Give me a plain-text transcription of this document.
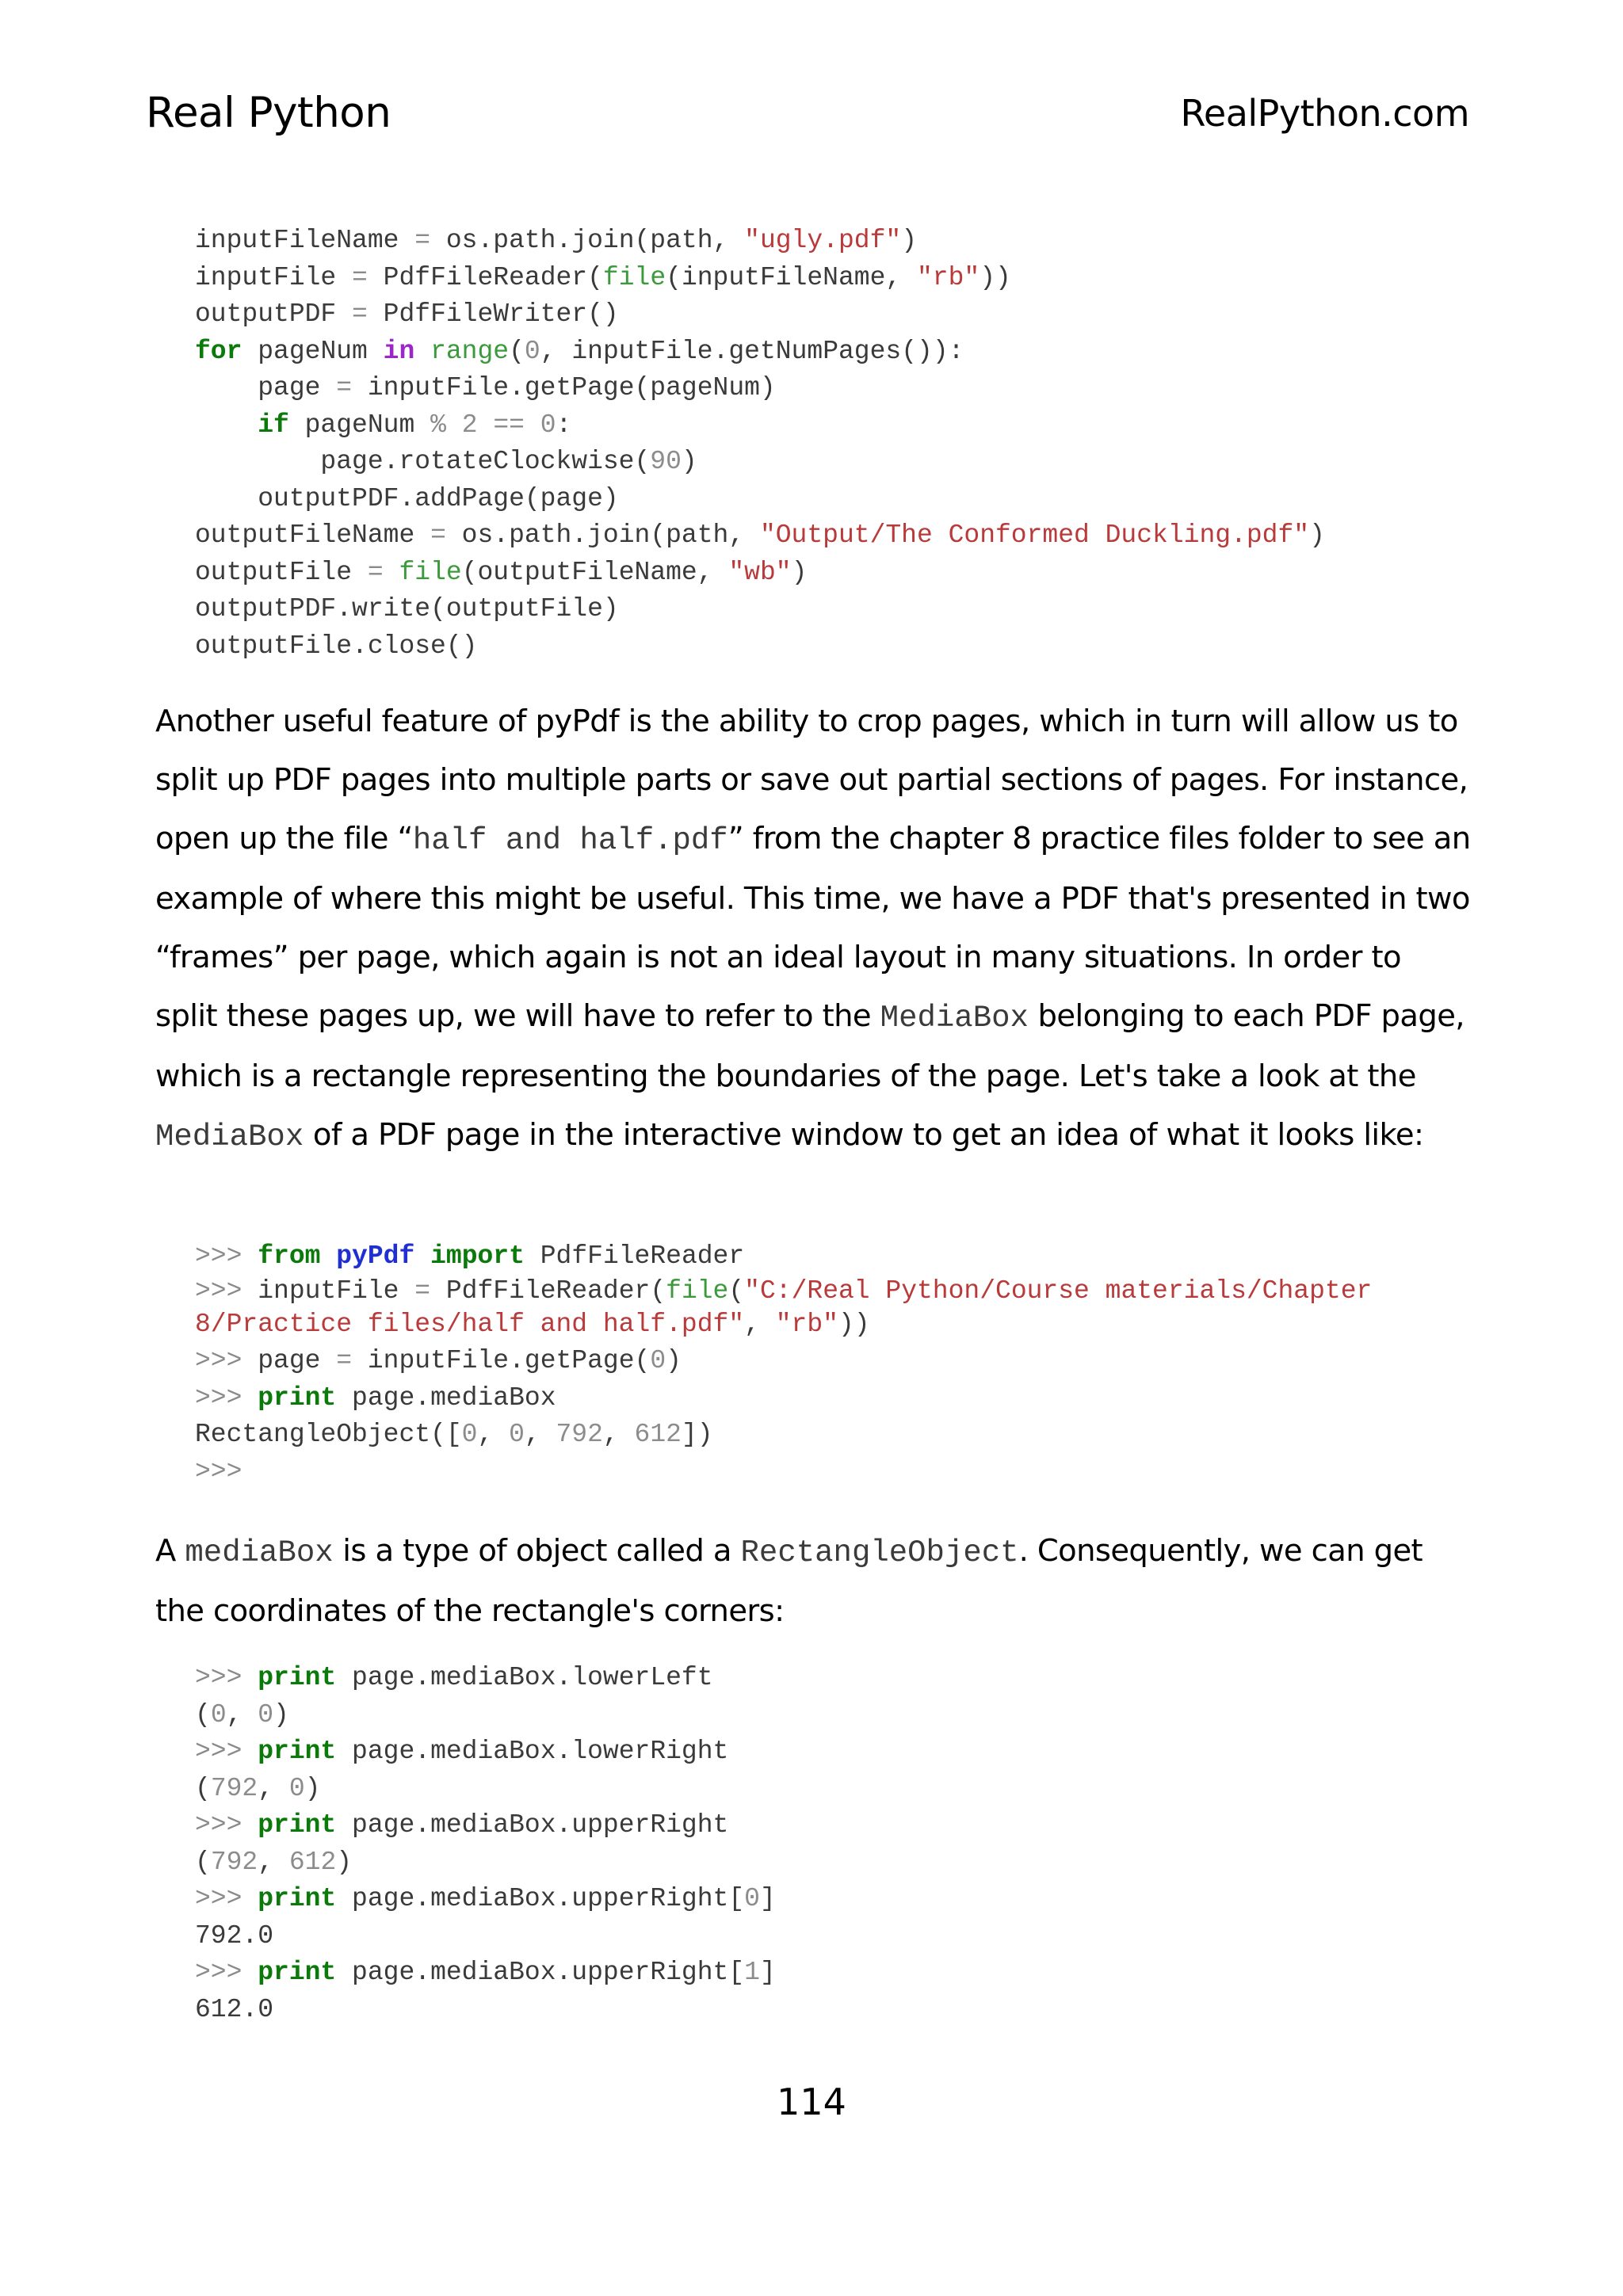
Real Python	RealPython.com
inputFileName = os.path.join(path, "ugly.pdf")
inputFile = PdfFileReader(file(inputFileName, "rb"))
outputPDF = PdfFileWriter()
for pageNum in range(0, inputFile.getNumPages()):
page = inputFile.getPage(pageNum)
if pageNum % 2 == 0:
page.rotateClockwise(90)
outputPDF.addPage(page)
outputFileName = os.path.join(path, "Output/The Conformed Duckling.pdf")
outputFile = file(outputFileName, "wb")
outputPDF.write(outputFile)
outputFile.close()

Another useful feature of pyPdf is the ability to crop pages, which in turn will allow us to split up PDF pages into multiple parts or save out partial sections of pages. For instance, open up the file “half and half.pdf” from the chapter 8 practice files folder to see an example of where this might be useful. This time, we have a PDF that's presented in two “frames” per page, which again is not an ideal layout in many situations. In order to split these pages up, we will have to refer to the MediaBox belonging to each PDF page, which is a rectangle representing the boundaries of the page. Let's take a look at the MediaBox of a PDF page in the interactive window to get an idea of what it looks like:

>>> from pyPdf import PdfFileReader
>>> inputFile = PdfFileReader(file("C:/Real Python/Course materials/Chapter
8/Practice files/half and half.pdf", "rb"))
>>> page = inputFile.getPage(0)
>>> print page.mediaBox
RectangleObject([0, 0, 792, 612])
>>>

A mediaBox is a type of object called a RectangleObject. Consequently, we can get the coordinates of the rectangle's corners:

>>> print page.mediaBox.lowerLeft
(0, 0)
>>> print page.mediaBox.lowerRight
(792, 0)
>>> print page.mediaBox.upperRight
(792, 612)
>>> print page.mediaBox.upperRight[0]
792.0
>>> print page.mediaBox.upperRight[1]
612.0
114
